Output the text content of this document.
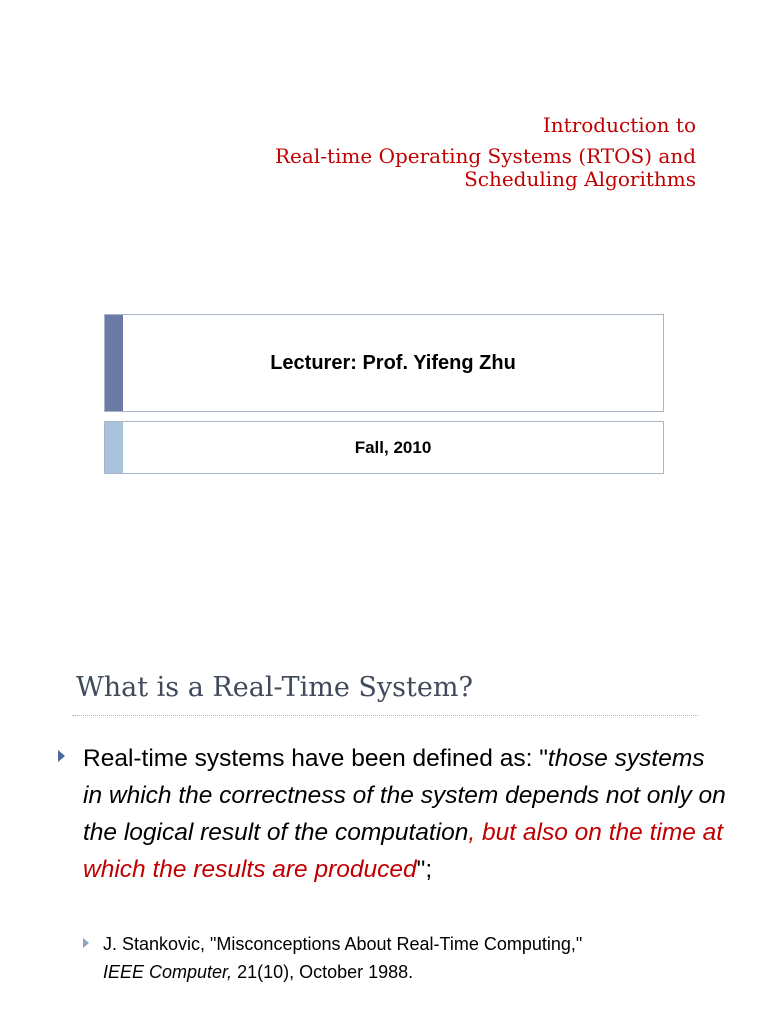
Introduction to
Real-time Operating Systems (RTOS) and
Scheduling Algorithms
Lecturer: Prof. Yifeng Zhu
Fall, 2010
What is a Real-Time System?
Real-time systems have been defined as: "those systems in which the correctness of the system depends not only on the logical result of the computation, but also on the time at which the results are produced";
J. Stankovic, "Misconceptions About Real-Time Computing,"
IEEE Computer, 21(10), October 1988.
